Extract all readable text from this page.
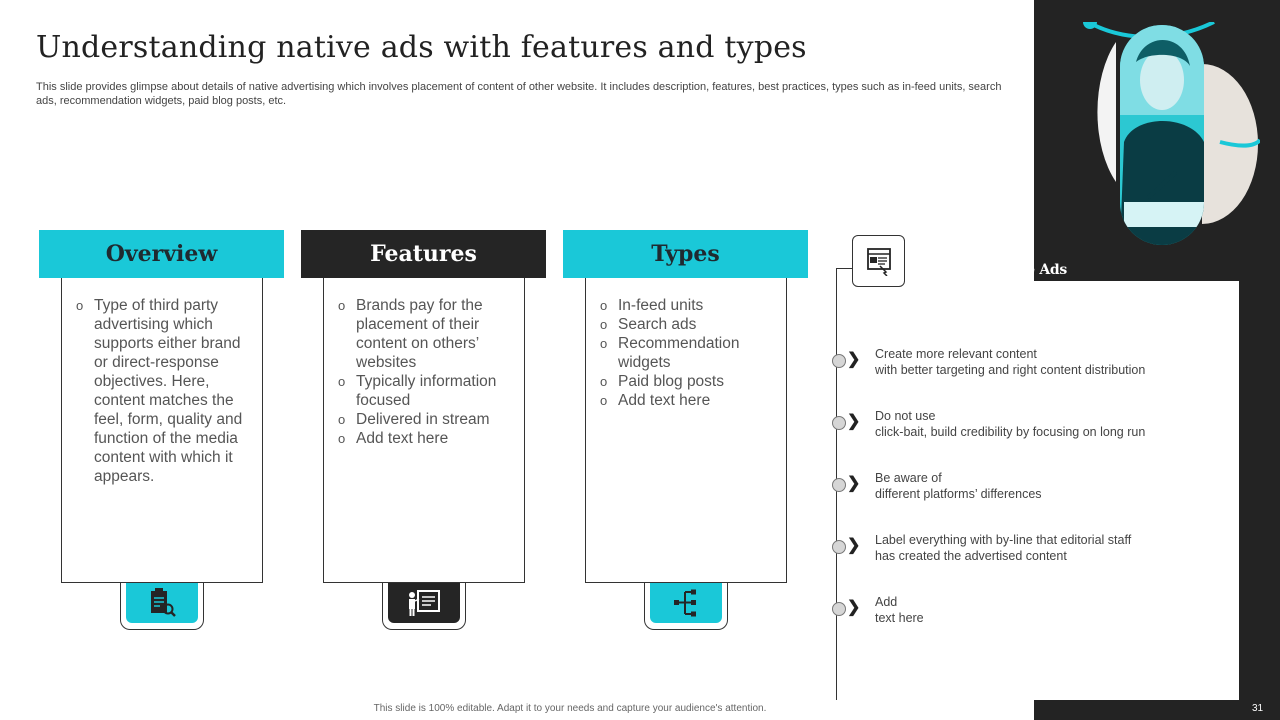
Understanding native ads with features and types

This slide provides glimpse about details of native advertising which involves placement of content of other website. It includes description, features, best practices, types such as in-feed units, search ads, recommendation widgets, paid blog posts, etc.

Overview
o Type of third party advertising which supports either brand or direct-response objectives. Here, content matches the feel, form, quality and function of the media content with which it appears.
Features
o Brands pay for the placement of their content on others’ websites
o Typically information focused
o Delivered in stream
o Add text here
Types
o In-feed units
o Search ads
o Recommendation widgets
o Paid blog posts
o Add text here
Tips to Create
Effective Native Ads
❯ Create more relevant content
with better targeting and right content distribution
❯ Do not use
click-bait, build credibility by focusing on long run
❯ Be aware of
different platforms’ differences
❯ Label everything with by-line that editorial staff
has created the advertised content
❯ Add
text here
This slide is 100% editable. Adapt it to your needs and capture your audience's attention.	31
